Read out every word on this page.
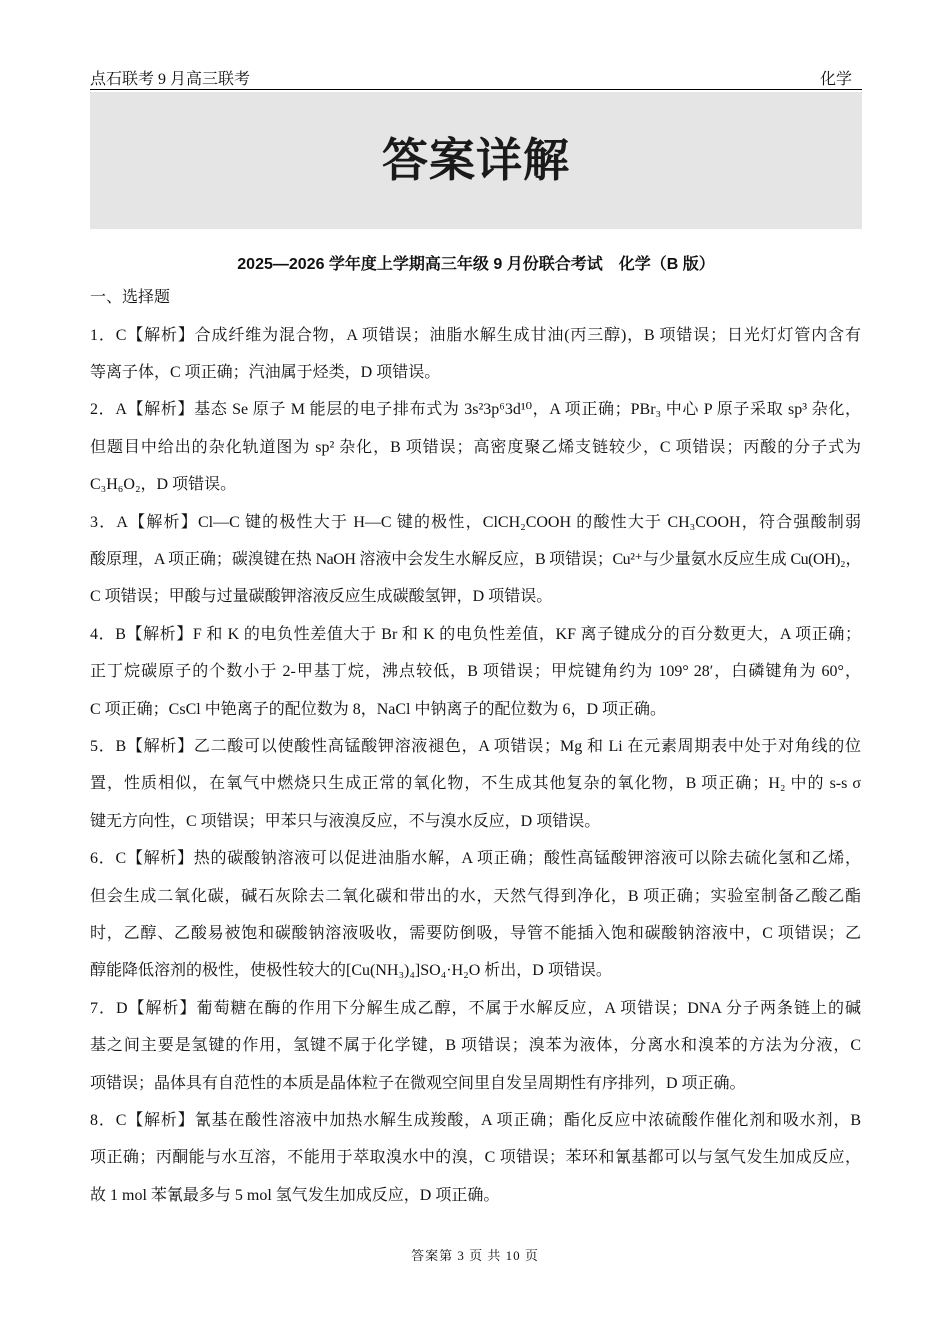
点石联考 9 月高三联考	化学
答案详解
2025—2026 学年度上学期高三年级 9 月份联合考试　化学（B 版）
一、选择题
1．C【解析】合成纤维为混合物，A 项错误；油脂水解生成甘油(丙三醇)，B 项错误；日光灯灯管内含有
等离子体，C 项正确；汽油属于烃类，D 项错误。
2．A【解析】基态 Se 原子 M 能层的电子排布式为 3s²3p⁶3d¹⁰，A 项正确；PBr₃ 中心 P 原子采取 sp³ 杂化，
但题目中给出的杂化轨道图为 sp² 杂化，B 项错误；高密度聚乙烯支链较少，C 项错误；丙酸的分子式为
C₃H₆O₂，D 项错误。
3．A【解析】Cl—C 键的极性大于 H—C 键的极性，ClCH₂COOH 的酸性大于 CH₃COOH，符合强酸制弱
酸原理，A 项正确；碳溴键在热 NaOH 溶液中会发生水解反应，B 项错误；Cu²⁺与少量氨水反应生成 Cu(OH)₂，
C 项错误；甲酸与过量碳酸钾溶液反应生成碳酸氢钾，D 项错误。
4．B【解析】F 和 K 的电负性差值大于 Br 和 K 的电负性差值，KF 离子键成分的百分数更大，A 项正确；
正丁烷碳原子的个数小于 2-甲基丁烷，沸点较低，B 项错误；甲烷键角约为 109° 28′，白磷键角为 60°，
C 项正确；CsCl 中铯离子的配位数为 8，NaCl 中钠离子的配位数为 6，D 项正确。
5．B【解析】乙二酸可以使酸性高锰酸钾溶液褪色，A 项错误；Mg 和 Li 在元素周期表中处于对角线的位
置，性质相似，在氧气中燃烧只生成正常的氧化物，不生成其他复杂的氧化物，B 项正确；H₂ 中的 s-s σ
键无方向性，C 项错误；甲苯只与液溴反应，不与溴水反应，D 项错误。
6．C【解析】热的碳酸钠溶液可以促进油脂水解，A 项正确；酸性高锰酸钾溶液可以除去硫化氢和乙烯，
但会生成二氧化碳，碱石灰除去二氧化碳和带出的水，天然气得到净化，B 项正确；实验室制备乙酸乙酯
时，乙醇、乙酸易被饱和碳酸钠溶液吸收，需要防倒吸，导管不能插入饱和碳酸钠溶液中，C 项错误；乙
醇能降低溶剂的极性，使极性较大的[Cu(NH₃)₄]SO₄·H₂O 析出，D 项错误。
7．D【解析】葡萄糖在酶的作用下分解生成乙醇，不属于水解反应，A 项错误；DNA 分子两条链上的碱
基之间主要是氢键的作用，氢键不属于化学键，B 项错误；溴苯为液体，分离水和溴苯的方法为分液，C
项错误；晶体具有自范性的本质是晶体粒子在微观空间里自发呈周期性有序排列，D 项正确。
8．C【解析】氰基在酸性溶液中加热水解生成羧酸，A 项正确；酯化反应中浓硫酸作催化剂和吸水剂，B
项正确；丙酮能与水互溶，不能用于萃取溴水中的溴，C 项错误；苯环和氰基都可以与氢气发生加成反应，
故 1 mol 苯氰最多与 5 mol 氢气发生加成反应，D 项正确。
答案第 3 页 共 10 页
